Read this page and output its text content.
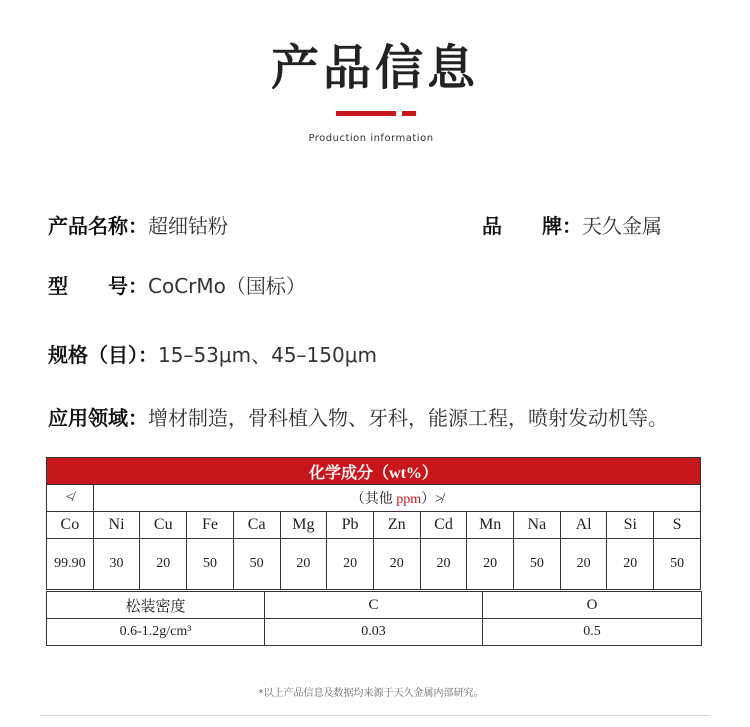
产品信息
Production information
产品名称：超细钴粉	品　　牌：天久金属
型　　号：CoCrMo（国标）
规格（目）：15–53μm、45–150μm
应用领域：增材制造，骨科植入物、牙科，能源工程，喷射发动机等。
化学成分（wt%）													
≮	（其他 ppm）≯												
Co	Ni	Cu	Fe	Ca	Mg	Pb	Zn	Cd	Mn	Na	Al	Si	S
99.90	30	20	50	50	20	20	20	20	20	50	20	20	50
松装密度	C	O
0.6-1.2g/cm³	0.03	0.5
*以上产品信息及数据均来源于天久金属内部研究。
